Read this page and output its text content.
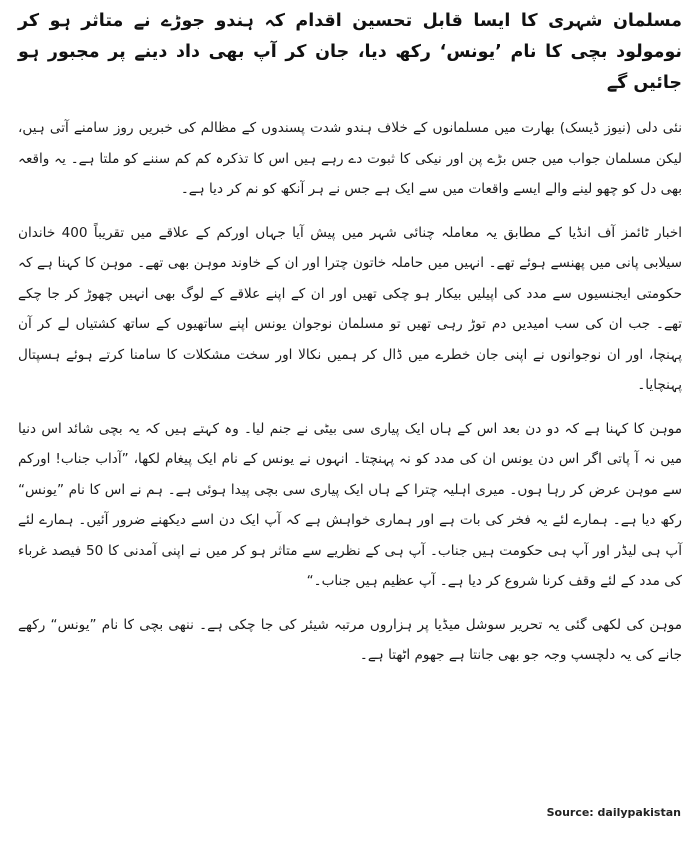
مسلمان شہری کا ایسا قابل تحسین اقدام کہ ہندو جوڑے نے متاثر ہو کر نومولود بچی کا نام ’یونس‘ رکھ دیا، جان کر آپ بھی داد دینے پر مجبور ہو جائیں گے

نئی دلی (نیوز ڈیسک) بھارت میں مسلمانوں کے خلاف ہندو شدت پسندوں کے مظالم کی خبریں روز سامنے آتی ہیں، لیکن مسلمان جواب میں جس بڑے پن اور نیکی کا ثبوت دے رہے ہیں اس کا تذکرہ کم کم سننے کو ملتا ہے۔ یہ واقعہ بھی دل کو چھو لینے والے ایسے واقعات میں سے ایک ہے جس نے ہر آنکھ کو نم کر دیا ہے۔

اخبار ٹائمز آف انڈیا کے مطابق یہ معاملہ چنائی شہر میں پیش آیا جہاں اورکم کے علاقے میں تقریباً 400 خاندان سیلابی پانی میں پھنسے ہوئے تھے۔ انہیں میں حاملہ خاتون چترا اور ان کے خاوند موہن بھی تھے۔ موہن کا کہنا ہے کہ حکومتی ایجنسیوں سے مدد کی اپیلیں بیکار ہو چکی تھیں اور ان کے اپنے علاقے کے لوگ بھی انہیں چھوڑ کر جا چکے تھے۔ جب ان کی سب امیدیں دم توڑ رہی تھیں تو مسلمان نوجوان یونس اپنے ساتھیوں کے ساتھ کشتیاں لے کر آن پہنچا، اور ان نوجوانوں نے اپنی جان خطرے میں ڈال کر ہمیں نکالا اور سخت مشکلات کا سامنا کرتے ہوئے ہسپتال پہنچایا۔

موہن کا کہنا ہے کہ دو دن بعد اس کے ہاں ایک پیاری سی بیٹی نے جنم لیا۔ وہ کہتے ہیں کہ یہ بچی شائد اس دنیا میں نہ آ پاتی اگر اس دن یونس ان کی مدد کو نہ پہنچتا۔ انہوں نے یونس کے نام ایک پیغام لکھا، ”آداب جناب! اورکم سے موہن عرض کر رہا ہوں۔ میری اہلیہ چترا کے ہاں ایک پیاری سی بچی پیدا ہوئی ہے۔ ہم نے اس کا نام ”یونس“ رکھ دیا ہے۔ ہمارے لئے یہ فخر کی بات ہے اور ہماری خواہش ہے کہ آپ ایک دن اسے دیکھنے ضرور آئیں۔ ہمارے لئے آپ ہی لیڈر اور آپ ہی حکومت ہیں جناب۔ آپ ہی کے نظریے سے متاثر ہو کر میں نے اپنی آمدنی کا 50 فیصد غرباء کی مدد کے لئے وقف کرنا شروع کر دیا ہے۔ آپ عظیم ہیں جناب۔“

موہن کی لکھی گئی یہ تحریر سوشل میڈیا پر ہزاروں مرتبہ شیئر کی جا چکی ہے۔ ننھی بچی کا نام ”یونس“ رکھے جانے کی یہ دلچسپ وجہ جو بھی جانتا ہے جھوم اٹھتا ہے۔

Source: dailypakistan
